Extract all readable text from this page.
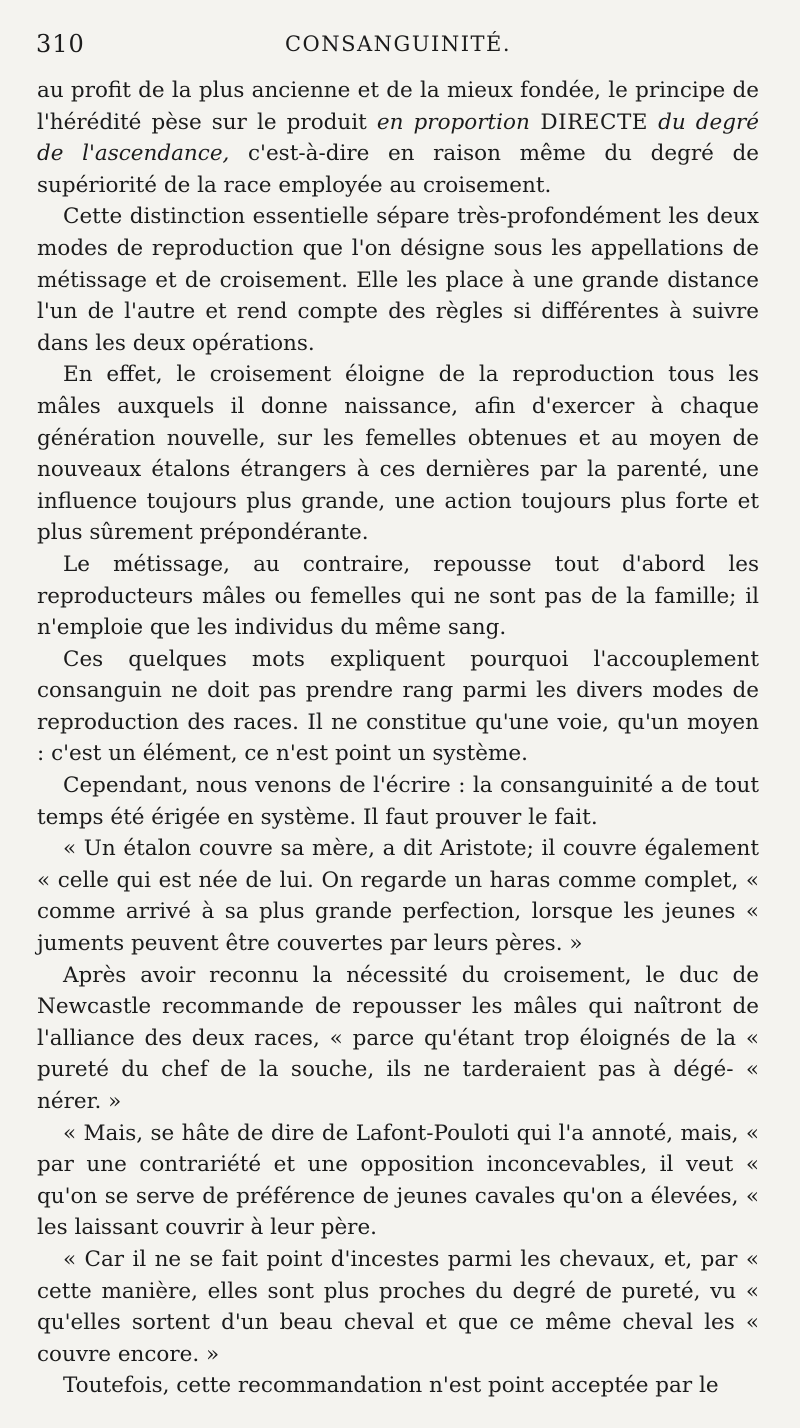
310	CONSANGUINITÉ.

au profit de la plus ancienne et de la mieux fondée, le principe de l'hérédité pèse sur le produit en proportion DIRECTE du degré de l'ascendance, c'est-à-dire en raison même du degré de supériorité de la race employée au croisement.

Cette distinction essentielle sépare très-profondément les deux modes de reproduction que l'on désigne sous les appellations de métissage et de croisement. Elle les place à une grande distance l'un de l'autre et rend compte des règles si différentes à suivre dans les deux opérations.

En effet, le croisement éloigne de la reproduction tous les mâles auxquels il donne naissance, afin d'exercer à chaque génération nouvelle, sur les femelles obtenues et au moyen de nouveaux étalons étrangers à ces dernières par la parenté, une influence toujours plus grande, une action toujours plus forte et plus sûrement prépondérante.

Le métissage, au contraire, repousse tout d'abord les reproducteurs mâles ou femelles qui ne sont pas de la famille; il n'emploie que les individus du même sang.

Ces quelques mots expliquent pourquoi l'accouplement consanguin ne doit pas prendre rang parmi les divers modes de reproduction des races. Il ne constitue qu'une voie, qu'un moyen : c'est un élément, ce n'est point un système.

Cependant, nous venons de l'écrire : la consanguinité a de tout temps été érigée en système. Il faut prouver le fait.

« Un étalon couvre sa mère, a dit Aristote; il couvre également « celle qui est née de lui. On regarde un haras comme complet, « comme arrivé à sa plus grande perfection, lorsque les jeunes « juments peuvent être couvertes par leurs pères. »

Après avoir reconnu la nécessité du croisement, le duc de Newcastle recommande de repousser les mâles qui naîtront de l'alliance des deux races, « parce qu'étant trop éloignés de la « pureté du chef de la souche, ils ne tarderaient pas à dégé- « nérer. »

« Mais, se hâte de dire de Lafont-Pouloti qui l'a annoté, mais, « par une contrariété et une opposition inconcevables, il veut « qu'on se serve de préférence de jeunes cavales qu'on a élevées, « les laissant couvrir à leur père.

« Car il ne se fait point d'incestes parmi les chevaux, et, par « cette manière, elles sont plus proches du degré de pureté, vu « qu'elles sortent d'un beau cheval et que ce même cheval les « couvre encore. »

Toutefois, cette recommandation n'est point acceptée par le
